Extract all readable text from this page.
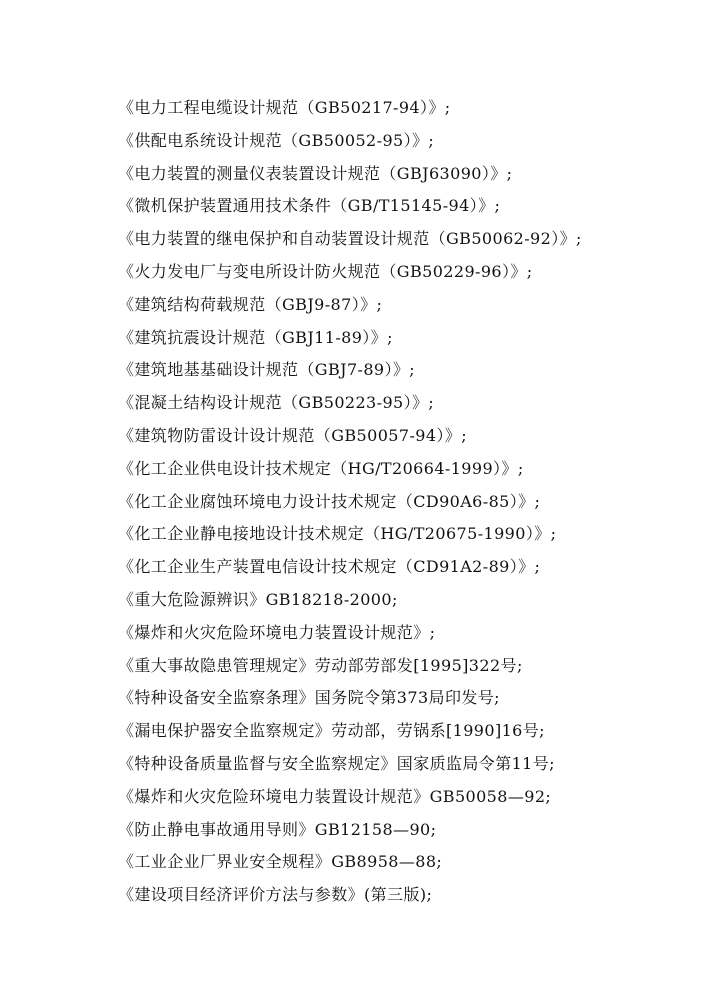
《电力工程电缆设计规范（GB50217-94）》;
《供配电系统设计规范（GB50052-95）》;
《电力装置的测量仪表装置设计规范（GBJ63090）》;
《微机保护装置通用技术条件（GB/T15145-94）》;
《电力装置的继电保护和自动装置设计规范（GB50062-92）》;
《火力发电厂与变电所设计防火规范（GB50229-96）》;
《建筑结构荷载规范（GBJ9-87）》;
《建筑抗震设计规范（GBJ11-89）》;
《建筑地基基础设计规范（GBJ7-89）》;
《混凝土结构设计规范（GB50223-95）》;
《建筑物防雷设计设计规范（GB50057-94）》;
《化工企业供电设计技术规定（HG/T20664-1999）》;
《化工企业腐蚀环境电力设计技术规定（CD90A6-85）》;
《化工企业静电接地设计技术规定（HG/T20675-1990）》;
《化工企业生产装置电信设计技术规定（CD91A2-89）》;
《重大危险源辨识》GB18218-2000;
《爆炸和火灾危险环境电力装置设计规范》;
《重大事故隐患管理规定》劳动部劳部发[1995]322号;
《特种设备安全监察条理》国务院令第373局印发号;
《漏电保护器安全监察规定》劳动部，劳锅系[1990]16号;
《特种设备质量监督与安全监察规定》国家质监局令第11号;
《爆炸和火灾危险环境电力装置设计规范》GB50058—92;
《防止静电事故通用导则》GB12158—90;
《工业企业厂界业安全规程》GB8958—88;
《建设项目经济评价方法与参数》(第三版);
